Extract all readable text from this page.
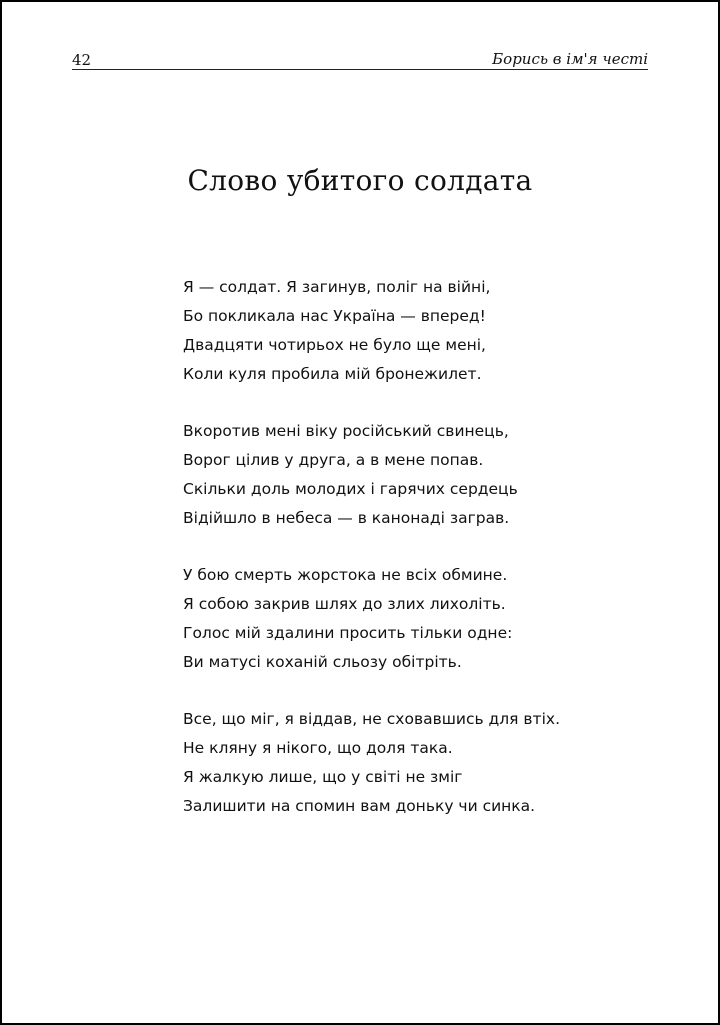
42	Борись в ім'я честі
Слово убитого солдата
Я — солдат. Я загинув, поліг на війні,
Бо покликала нас Україна — вперед!
Двадцяти чотирьох не було ще мені,
Коли куля пробила мій бронежилет.
Вкоротив мені віку російський свинець,
Ворог цілив у друга, а в мене попав.
Скільки доль молодих і гарячих сердець
Відійшло в небеса — в канонаді заграв.
У бою смерть жорстока не всіх обмине.
Я собою закрив шлях до злих лихоліть.
Голос мій здалини просить тільки одне:
Ви матусі коханій сльозу обітріть.
Все, що міг, я віддав, не сховавшись для втіх.
Не кляну я нікого, що доля така.
Я жалкую лише, що у світі не зміг
Залишити на спомин вам доньку чи синка.
